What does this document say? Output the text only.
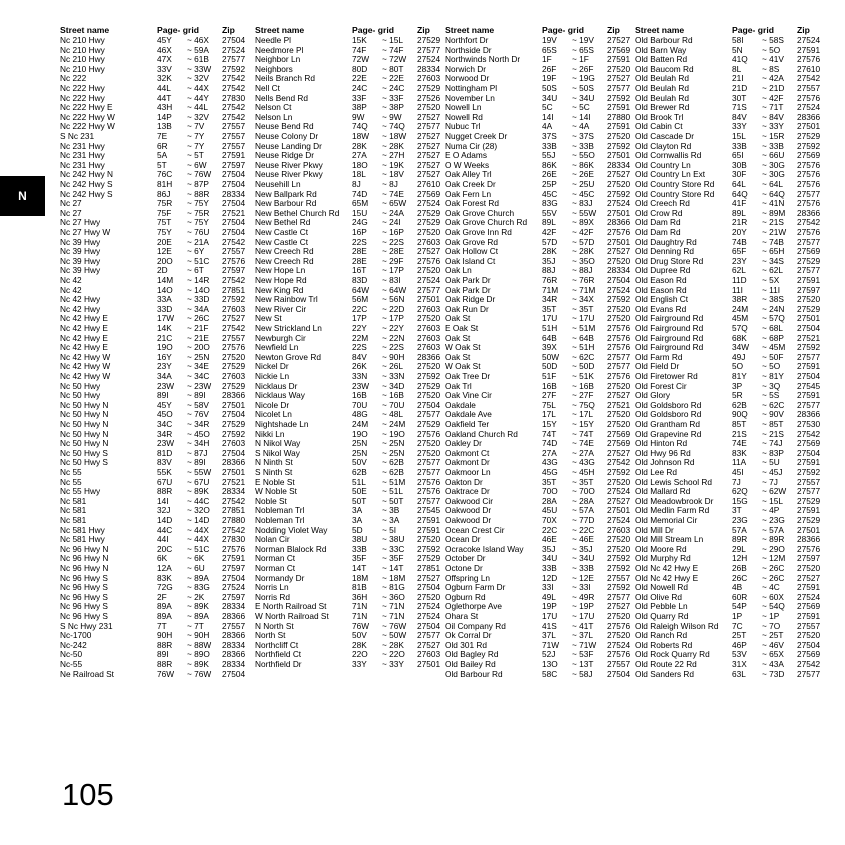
Street name	Page- grid	Zip Street name	Page- grid	Zip Street name	Page- grid	Zip Street name	Page- grid	Zip
Nc 210 Hwy	45Y ~ 46X 27504
Nc 210 Hwy	46X ~ 59A 27524
Nc 210 Hwy	47X ~ 61B 27577
Nc 210 Hwy	33V ~ 33W 27592
Nc 222	32K ~ 32V 27542
Nc 222 Hwy	44L ~ 44X 27542
Nc 222 Hwy	44T ~ 44Y 27830
Nc 222 Hwy E	43H ~ 44L 27542
Nc 222 Hwy W	14P ~ 32V 27542
Nc 222 Hwy W	13B ~ 7V 27557
S Nc 231	7E ~ 7Y 27557
Nc 231 Hwy	6R ~ 7Y 27557
Nc 231 Hwy	5A ~ 5T 27591
Nc 231 Hwy	5T ~ 6W 27597
Nc 242 Hwy N	76C ~ 76W 27504
Nc 242 Hwy S	81H ~ 87P 27504
Nc 242 Hwy S	86J ~ 88R 28334
Nc 27	75R ~ 75Y 27504
Nc 27	75F ~ 75R 27521
Nc 27 Hwy	75T ~ 75Y 27504
Nc 27 Hwy W	75Y ~ 76U 27504
Nc 39 Hwy	20E ~ 21A 27542
Nc 39 Hwy	12E ~ 6Y 27557
Nc 39 Hwy	20O ~ 51C 27576
Nc 39 Hwy	2D ~ 6T 27597
Nc 42	14M ~ 14R 27542
Nc 42	14O ~ 14O 27851
Nc 42 Hwy	33A ~ 33D 27592
Nc 42 Hwy	33D ~ 34A 27603
Nc 42 Hwy E	17W ~ 26C 27527
Nc 42 Hwy E	14K ~ 21F 27542
Nc 42 Hwy E	21C ~ 21E 27557
Nc 42 Hwy E	19O ~ 20O 27576
Nc 42 Hwy W	16Y ~ 25N 27520
Nc 42 Hwy W	23Y ~ 34E 27529
Nc 42 Hwy W	34A ~ 34C 27603
Nc 50 Hwy	23W ~ 23W 27529
Nc 50 Hwy	89I ~ 89I 28366
Nc 50 Hwy N	45Y ~ 58V 27501
Nc 50 Hwy N	45O ~ 76V 27504
Nc 50 Hwy N	34C ~ 34R 27529
Nc 50 Hwy N	34R ~ 45O 27592
Nc 50 Hwy N	23W ~ 34H 27603
Nc 50 Hwy S	81D ~ 87J 27504
Nc 50 Hwy S	83V ~ 89I 28366
Nc 55	55K ~ 55W 27501
Nc 55	67U ~ 67U 27521
Nc 55 Hwy	88R ~ 89K 28334
Nc 581	14I ~ 44C 27542
Nc 581	32J ~ 32O 27851
Nc 581	14D ~ 14D 27880
Nc 581 Hwy	44C ~ 44X 27542
Nc 581 Hwy	44I ~ 44X 27830
Nc 96 Hwy N	20C ~ 51C 27576
Nc 96 Hwy N	6K ~ 6K 27591
Nc 96 Hwy N	12A ~ 6U 27597
Nc 96 Hwy S	83K ~ 89A 27504
Nc 96 Hwy S	72G ~ 83G 27524
Nc 96 Hwy S	2F ~ 2K 27597
Nc 96 Hwy S	89A ~ 89K 28334
Nc 96 Hwy S	89A ~ 89A 28366
S Nc Hwy 231	7T ~ 7T 27557
Nc-1700	90H ~ 90H 28366
Nc-242	88R ~ 88W 28334
Nc-50	89I ~ 89O 28366
Nc-55	88R ~ 89K 28334
Ne Railroad St	76W ~ 76W 27504
Needle Pl	15K ~ 15L 27529
Needmore Pl	74F ~ 74F 27577
Neighbor Ln	72W ~ 72W 27524
Neighbors	80D ~ 80T 28334
Neils Branch Rd	22E ~ 22E 27603
Nell Ct	24C ~ 24C 27529
Nells Bend Rd	33F ~ 33F 27526
Nelson Ct	38P ~ 38P 27520
Nelson Ln	9W ~ 9W 27527
Neuse Bend Rd	74Q ~ 74Q 27577
Neuse Colony Dr	18W ~ 18W 27527
Neuse Landing Dr	28K ~ 28K 27527
Neuse Ridge Dr	27A ~ 27H 27527
Neuse River Pkwy	18O ~ 19K 27527
Neuse River Pkwy	18L ~ 18V 27527
Neusehill Ln	8J	~ 8J 27610
New Ballpark Rd	74D ~ 74E 27569
New Barbour Rd	65M ~ 65W 27524
New Bethel Church Rd 15U ~ 24A 27529
New Bethel Rd	24G ~ 24I 27529
New Castle Ct	16P ~ 16P 27520
New Castle Ct	22S ~ 22S 27603
New Creech Rd	28E ~ 28E 27527
New Creech Rd	28E ~ 29F 27576
New Hope Ln	16T ~ 17P 27520
New Hope Rd	83D ~ 83I 27524
New King Rd	64W ~ 64W 27577
New Rainbow Trl	56M ~ 56N 27501
New River Cir	22C ~ 22D 27603
New St	17P ~ 17P 27520
New Strickland Ln	22Y ~ 22Y 27603
Newburgh Cir	22M ~ 22N 27603
Newfield Ln	22S ~ 22S 27603
Newton Grove Rd	84V ~ 90H 28366
Nickel Dr	26K ~ 26L 27520
Nickie Ln	33N ~ 33N 27592
Nicklaus Dr	23W ~ 34D 27529
Nicklaus Way	16B ~ 16B 27520
Nicole Dr	70U ~ 70U 27504
Nicolet Ln	48G ~ 48L 27577
Nightshade Ln	24M ~ 24M 27529
Nikki Ln	19O ~ 19O 27576
N Nikol Way	25N ~ 25N 27520
S Nikol Way	25N ~ 25N 27520
N Ninth St	50V ~ 62B 27577
S Ninth St	62B ~ 62B 27577
E Noble St	51L ~ 51M 27576
W Noble St	50E ~ 51L 27576
Noble St	50T ~ 50T 27577
Nobleman Trl	3A ~ 3B 27545
Nobleman Trl	3A ~ 3A 27591
Nodding Violet Way	5D ~ 5I	27591
Nolan Cir	38U ~ 38U 27520
Norman Blalock Rd	33B ~ 33C 27592
Norman Ct	35F ~ 35F 27529
Norman Ct	14T ~ 14T 27851
Normandy Dr	18M ~ 18M 27527
Norris Ln	81B ~ 81G 27504
Norris Rd	36H ~ 36O 27520
E North Railroad St	71N ~ 71N 27524
W North Railroad St	71N ~ 71N 27524
N North St	76W ~ 76W 27504
North St	50V ~ 50W 27577
Northcliff Ct	28K ~ 28K 27527
Northfield Ct	22O ~ 22O 27603
Northfield Dr	33Y ~ 33Y 27501
Northfort Dr	19V ~ 19V 27527
Northside Dr	65S ~ 65S 27569
Northwinds North Dr	1F ~ 1F 27591
Norwich Dr	26F ~ 26F 27520
Norwood Dr	19F ~ 19G 27527
Nottingham Pl	50S ~ 50S 27577
November Ln	34U ~ 34U 27592
Nowell Ln	5C ~ 5C 27591
Nowell Rd	14I ~ 14I 27880
Nubuc Trl	4A ~ 4A 27591
Nugget Creek Dr	37S ~ 37S 27520
Numa Cir (28)	33B ~ 33B 27592
E O Adams	55J ~ 55O 27501
O W Weeks	86K ~ 86K 28334
Oak Alley Trl	26E ~ 26E 27527
Oak Creek Dr	25P ~ 25U 27520
Oak Fern Ln	45C ~ 45C 27592
Oak Forest Rd	83G ~ 83J 27524
Oak Grove Church	55V ~ 55W 27501
Oak Grove Church Rd 89L ~ 89X 28366
Oak Grove Inn Rd	42F ~ 42F 27576
Oak Grove Rd	57D ~ 57D 27501
Oak Hollow Ct	28K ~ 28K 27527
Oak Island Ct	35J ~ 35O 27520
Oak Ln	88J ~ 88J 28334
Oak Park Dr	76R ~ 76R 27504
Oak Park Dr	71M ~ 71M 27524
Oak Ridge Dr	34R ~ 34X 27592
Oak Run Dr	35T ~ 35T 27520
Oak St	17U ~ 17U 27520
E Oak St	51H ~ 51M 27576
Oak St	64B ~ 64B 27576
W Oak St	39X ~ 51H 27576
Oak St	50W ~ 62C 27577
W Oak St	50D ~ 50D 27577
Oak Tree Dr	51F ~ 51K 27576
Oak Trl	16B ~ 16B 27520
Oak Vine Cir	27F ~ 27F 27527
Oakdale	75L ~ 75Q 27521
Oakdale Ave	17L ~ 17L 27520
Oakfield Ter	15Y ~ 15Y 27520
Oakland Church Rd	74T ~ 74T 27569
Oakley Dr	74D ~ 74E 27569
Oakmont Ct	27A ~ 27A 27527
Oakmont Dr	43G ~ 43G 27542
Oakmoor Ln	45G ~ 45H 27592
Oakton Dr	35T ~ 35T 27520
Oaktrace Dr	70O ~ 70O 27524
Oakwood Cir	28A ~ 28A 27527
Oakwood Dr	45U ~ 57A 27501
Oakwood Dr	70X ~ 77D 27524
Ocean Crest Cir	22C ~ 22C 27603
Ocean Dr	46E ~ 46E 27520
Ocracoke Island Way 35J ~ 35J 27520
October Dr	34U ~ 34U 27592
Octone Dr	33B ~ 33B 27592
Offspring Ln	12D ~ 12E 27557
Ogburn Farm Dr	33I ~ 33I 27592
Ogburn Rd	49L ~ 49R 27577
Oglethorpe Ave	19P ~ 19P 27527
Ohara St	17U ~ 17U 27520
Oil Company Rd	41S ~ 41T 27576
Ok Corral Dr	37L ~ 37L 27520
Old 301 Rd	71W ~ 71W 27524
Old Bagley Rd	52J ~ 53F 27576
Old Bailey Rd	13O ~ 13T 27557
Old Barbour Rd	58C ~ 58J 27504
Old Barbour Rd	58I ~ 58S 27524
Old Barn Way	5N ~ 5O 27591
Old Batten Rd	41Q ~ 41V 27576
Old Baucom Rd	8L	~ 8S 27610
Old Beulah Rd	21I ~ 42A 27542
Old Beulah Rd	21D ~ 21D 27557
Old Beulah Rd	30T ~ 42F 27576
Old Brewer Rd	71S ~ 71T 27524
Old Brook Trl	84V ~ 84V 28366
Old Cabin Ct	33Y ~ 33Y 27501
Old Cascade Dr	15L ~ 15R 27529
Old Clayton Rd	33B ~ 33B 27592
Old Cornwallis Rd	65I ~ 66U 27569
Old Country Ln	30B ~ 30G 27576
Old Country Ln Ext	30F ~ 30G 27576
Old Country Store Rd 64L ~ 64L 27576
Old Country Store Rd 64Q ~ 64Q 27577
Old Creech Rd	41F ~ 41N 27576
Old Crow Rd	89L ~ 89M 28366
Old Dam Rd	21R ~ 21S 27542
Old Dam Rd	20Y ~ 21W 27576
Old Daughtry Rd	74B ~ 74B 27577
Old Denning Rd	65F ~ 65H 27569
Old Drug Store Rd	23Y ~ 34S 27529
Old Dupree Rd	62L ~ 62L 27577
Old Eason Rd	11D ~ 5X 27591
Old Eason Rd	11I ~ 11I 27597
Old English Ct	38R ~ 38S 27520
Old Evans Rd	24M ~ 24N 27529
Old Fairground Rd	45M ~ 57Q 27501
Old Fairground Rd	57Q ~ 68L 27504
Old Fairground Rd	68K ~ 68P 27521
Old Fairground Rd	34W ~ 45M 27592
Old Farm Rd	49J ~ 50F 27577
Old Field Dr	5O ~ 5O 27591
Old Firetower Rd	81Y ~ 81Y 27504
Old Forest Cir	3P ~ 3Q 27545
Old Glory	5R ~ 5S 27591
Old Goldsboro Rd	62B ~ 62C 27577
Old Goldsboro Rd	90Q ~ 90V 28366
Old Grantham Rd	85T ~ 85T 27530
Old Grapevine Rd	21S ~ 21S 27542
Old Hinton Rd	74E ~ 74J 27569
Old Hwy 96 Rd	83K ~ 83P 27504
Old Johnson Rd	11A ~ 5U 27591
Old Lee Rd	45I ~ 45J 27592
Old Lewis School Rd 7J	~ 7J 27557
Old Mallard Rd	62Q ~ 62W 27577
Old Meadowbrook Dr 15G ~ 15L 27529
Old Medlin Farm Rd	3T ~ 4P 27591
Old Memorial Cir	23G ~ 23G 27529
Old Mill Dr	57A ~ 57A 27501
Old Mill Stream Ln	89R ~ 89R 28366
Old Moore Rd	29L ~ 29O 27576
Old Murphy Rd	12H ~ 12M 27597
Old Nc 42 Hwy E	26B ~ 26C 27520
Old Nc 42 Hwy E	26C ~ 26C 27527
Old Nowell Rd	4B ~ 4C 27591
Old Olive Rd	60R ~ 60X 27524
Old Pebble Ln	54P ~ 54Q 27569
Old Quarry Rd	1P ~ 1P 27591
Old Raleigh Wilson Rd 7C ~ 7O 27557
Old Ranch Rd	25T ~ 25T 27520
Old Roberts Rd	46P ~ 46V 27504
Old Rock Quarry Rd	53V ~ 65X 27569
Old Route 22 Rd	31X ~ 43A 27542
Old Sanders Rd	63L ~ 73D 27577
N
105
